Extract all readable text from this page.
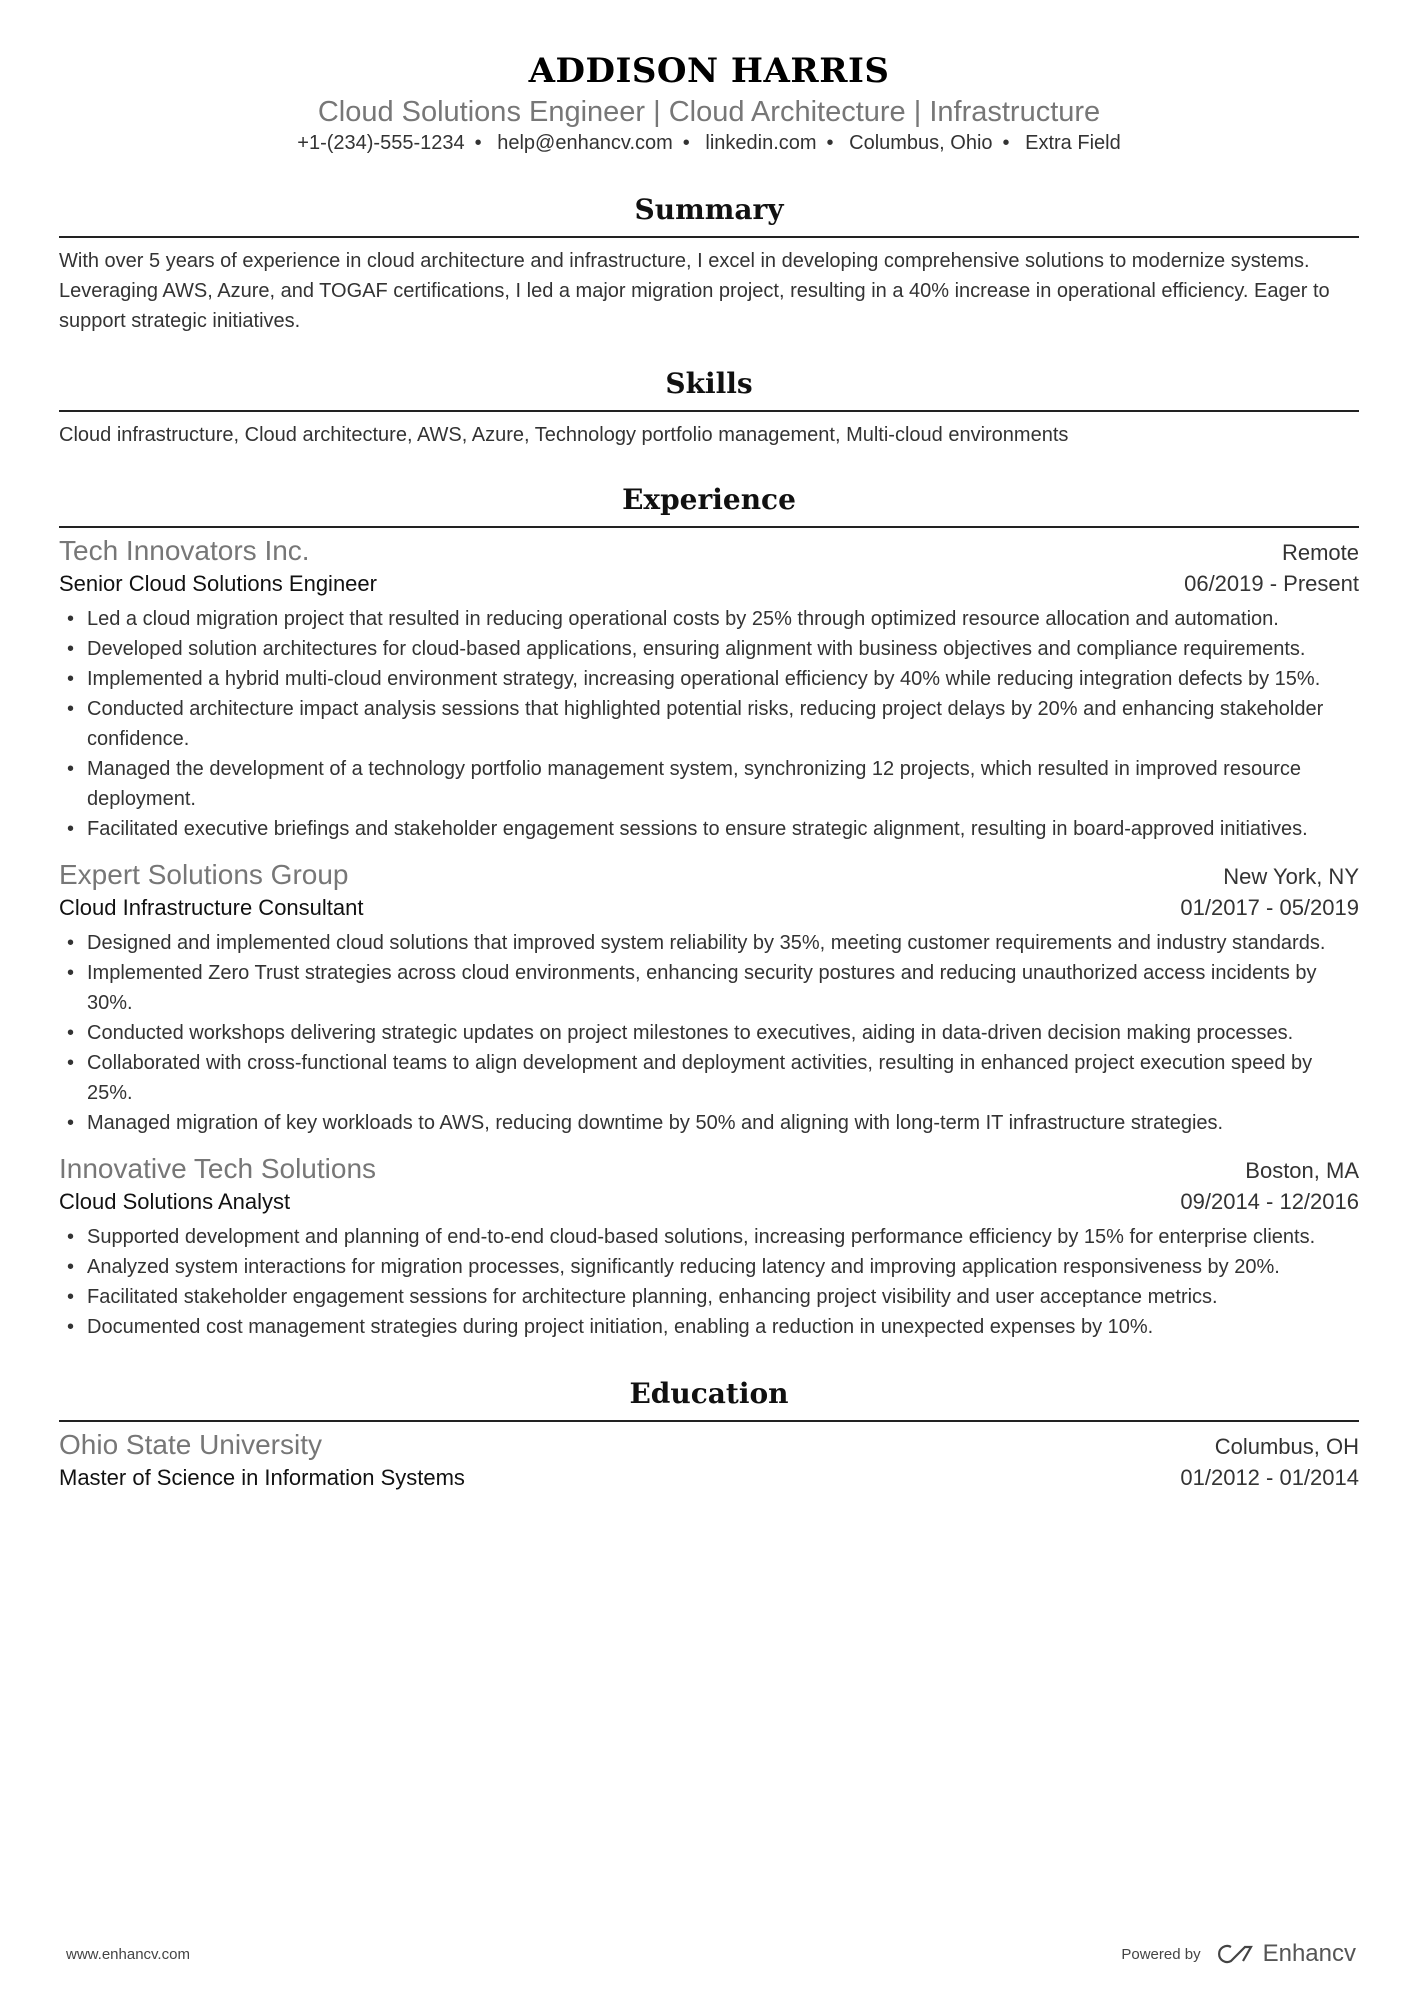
ADDISON HARRIS
Cloud Solutions Engineer | Cloud Architecture | Infrastructure
+1-(234)-555-1234 • help@enhancv.com • linkedin.com • Columbus, Ohio • Extra Field
Summary
With over 5 years of experience in cloud architecture and infrastructure, I excel in developing comprehensive solutions to modernize systems. Leveraging AWS, Azure, and TOGAF certifications, I led a major migration project, resulting in a 40% increase in operational efficiency. Eager to support strategic initiatives.
Skills
Cloud infrastructure, Cloud architecture, AWS, Azure, Technology portfolio management, Multi-cloud environments
Experience
Tech Innovators Inc.	Remote
Senior Cloud Solutions Engineer	06/2019 - Present
• Led a cloud migration project that resulted in reducing operational costs by 25% through optimized resource allocation and automation.
• Developed solution architectures for cloud-based applications, ensuring alignment with business objectives and compliance requirements.
• Implemented a hybrid multi-cloud environment strategy, increasing operational efficiency by 40% while reducing integration defects by 15%.
• Conducted architecture impact analysis sessions that highlighted potential risks, reducing project delays by 20% and enhancing stakeholder confidence.
• Managed the development of a technology portfolio management system, synchronizing 12 projects, which resulted in improved resource deployment.
• Facilitated executive briefings and stakeholder engagement sessions to ensure strategic alignment, resulting in board-approved initiatives.
Expert Solutions Group	New York, NY
Cloud Infrastructure Consultant	01/2017 - 05/2019
• Designed and implemented cloud solutions that improved system reliability by 35%, meeting customer requirements and industry standards.
• Implemented Zero Trust strategies across cloud environments, enhancing security postures and reducing unauthorized access incidents by 30%.
• Conducted workshops delivering strategic updates on project milestones to executives, aiding in data-driven decision making processes.
• Collaborated with cross-functional teams to align development and deployment activities, resulting in enhanced project execution speed by 25%.
• Managed migration of key workloads to AWS, reducing downtime by 50% and aligning with long-term IT infrastructure strategies.
Innovative Tech Solutions	Boston, MA
Cloud Solutions Analyst	09/2014 - 12/2016
• Supported development and planning of end-to-end cloud-based solutions, increasing performance efficiency by 15% for enterprise clients.
• Analyzed system interactions for migration processes, significantly reducing latency and improving application responsiveness by 20%.
• Facilitated stakeholder engagement sessions for architecture planning, enhancing project visibility and user acceptance metrics.
• Documented cost management strategies during project initiation, enabling a reduction in unexpected expenses by 10%.
Education
Ohio State University	Columbus, OH
Master of Science in Information Systems	01/2012 - 01/2014
www.enhancv.com	Powered by	Enhancv
